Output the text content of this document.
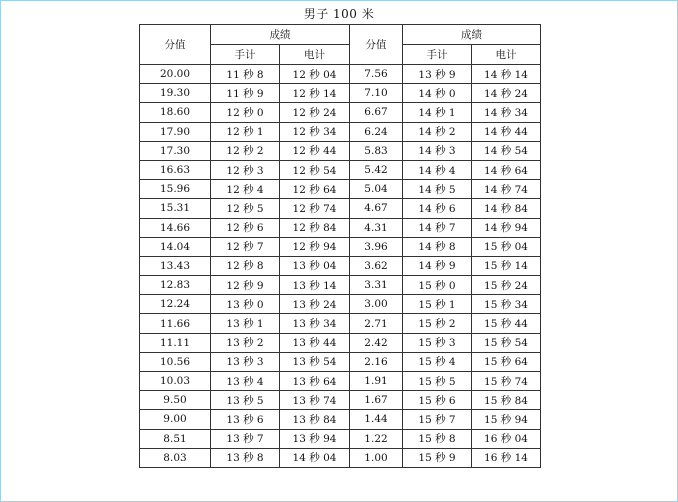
男子 100 米
分值	成绩		分值	成绩	
	手计	电计		手计	电计
20.00	11 秒 8	12 秒 04	7.56	13 秒 9	14 秒 14
19.30	11 秒 9	12 秒 14	7.10	14 秒 0	14 秒 24
18.60	12 秒 0	12 秒 24	6.67	14 秒 1	14 秒 34
17.90	12 秒 1	12 秒 34	6.24	14 秒 2	14 秒 44
17.30	12 秒 2	12 秒 44	5.83	14 秒 3	14 秒 54
16.63	12 秒 3	12 秒 54	5.42	14 秒 4	14 秒 64
15.96	12 秒 4	12 秒 64	5.04	14 秒 5	14 秒 74
15.31	12 秒 5	12 秒 74	4.67	14 秒 6	14 秒 84
14.66	12 秒 6	12 秒 84	4.31	14 秒 7	14 秒 94
14.04	12 秒 7	12 秒 94	3.96	14 秒 8	15 秒 04
13.43	12 秒 8	13 秒 04	3.62	14 秒 9	15 秒 14
12.83	12 秒 9	13 秒 14	3.31	15 秒 0	15 秒 24
12.24	13 秒 0	13 秒 24	3.00	15 秒 1	15 秒 34
11.66	13 秒 1	13 秒 34	2.71	15 秒 2	15 秒 44
11.11	13 秒 2	13 秒 44	2.42	15 秒 3	15 秒 54
10.56	13 秒 3	13 秒 54	2.16	15 秒 4	15 秒 64
10.03	13 秒 4	13 秒 64	1.91	15 秒 5	15 秒 74
9.50	13 秒 5	13 秒 74	1.67	15 秒 6	15 秒 84
9.00	13 秒 6	13 秒 84	1.44	15 秒 7	15 秒 94
8.51	13 秒 7	13 秒 94	1.22	15 秒 8	16 秒 04
8.03	13 秒 8	14 秒 04	1.00	15 秒 9	16 秒 14
